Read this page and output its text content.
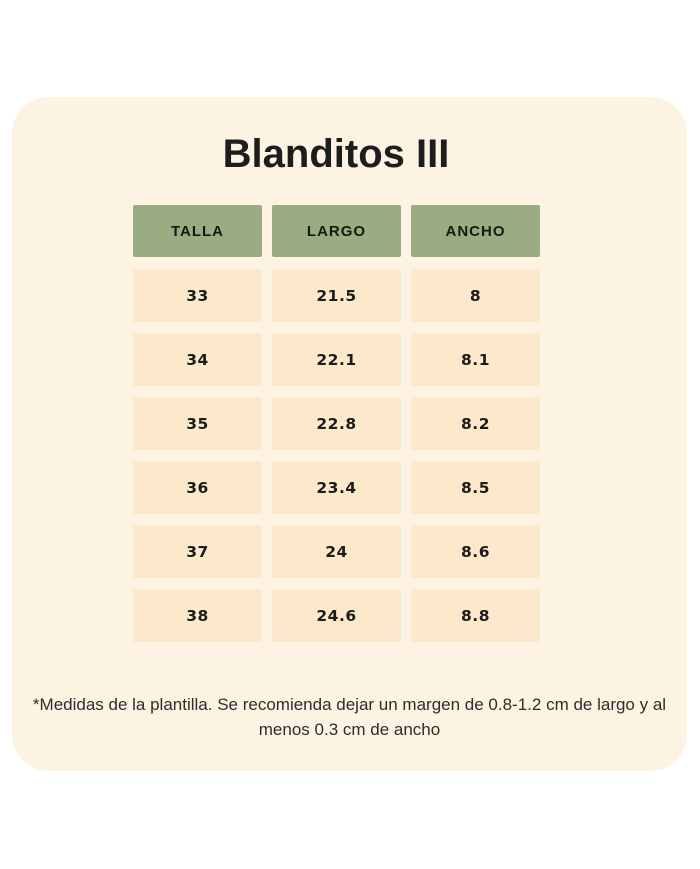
Blanditos III
TALLA	LARGO	ANCHO
33	21.5	8
34	22.1	8.1
35	22.8	8.2
36	23.4	8.5
37	24	8.6
38	24.6	8.8

*Medidas de la plantilla. Se recomienda dejar un margen de 0.8-1.2 cm de largo y al menos 0.3 cm de ancho
